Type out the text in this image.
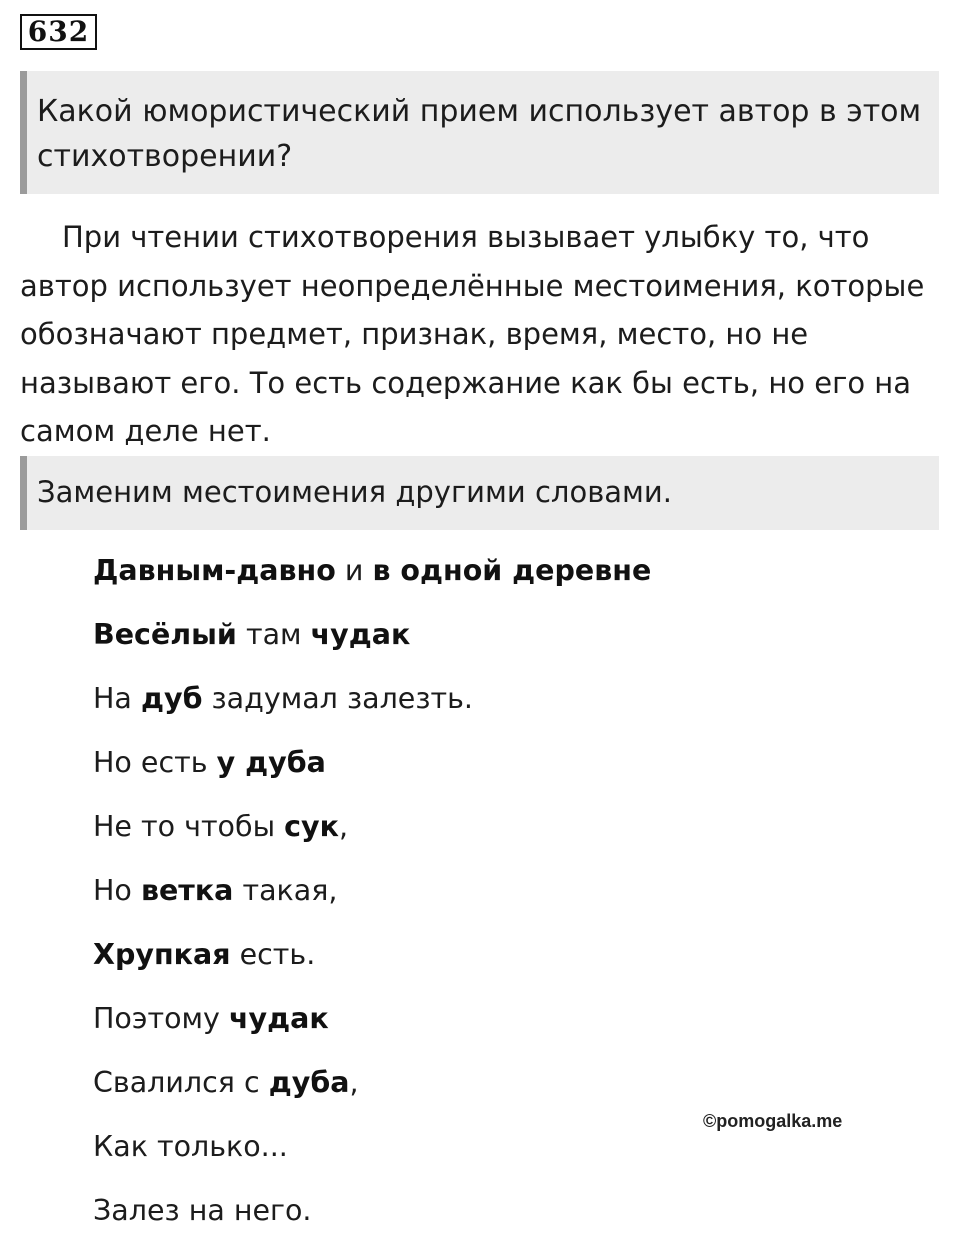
632
Какой юмористический прием использует автор в этом стихотворении?

При чтении стихотворения вызывает улыбку то, что автор использует неопределённые местоимения, которые обозначают предмет, признак, время, место, но не называют его. То есть содержание как бы есть, но его на самом деле нет.

Заменим местоимения другими словами.
Давным-давно и в одной деревне
Весёлый там чудак
На дуб задумал залезть.
Но есть у дуба
Не то чтобы сук,
Но ветка такая,
Хрупкая есть.
Поэтому чудак
Свалился с дуба,
Как только...
Залез на него.
©pomogalka.me
